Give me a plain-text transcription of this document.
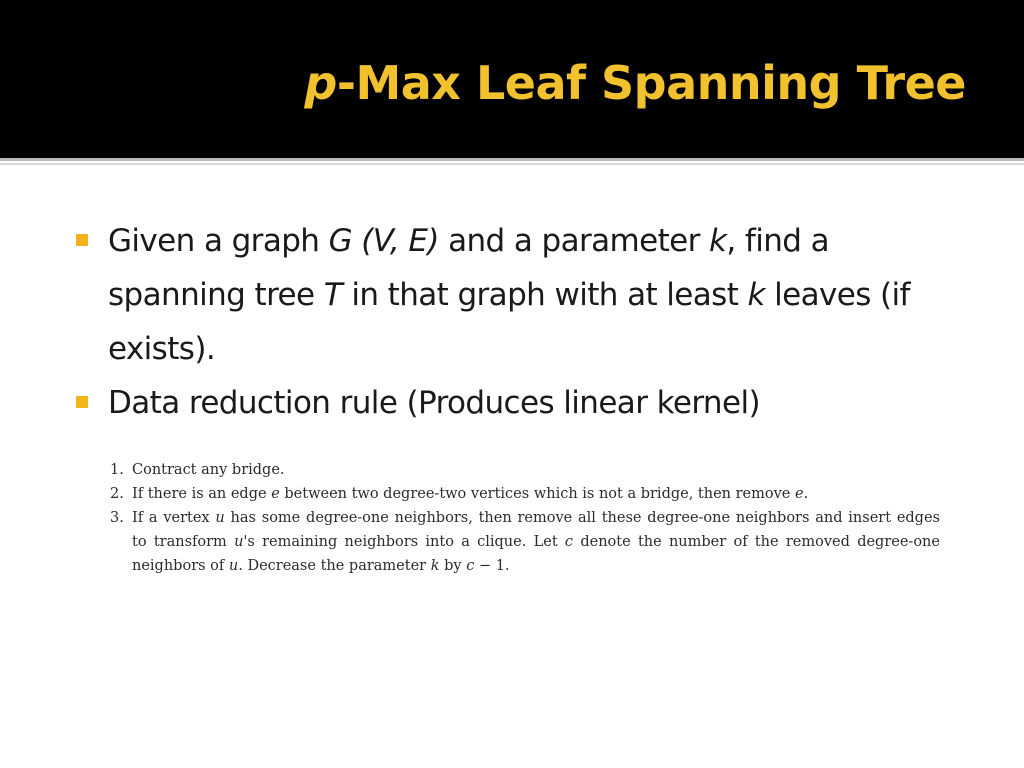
p-Max Leaf Spanning Tree
Given a graph G (V, E) and a parameter k, find a spanning tree T in that graph with at least k leaves (if exists).
Data reduction rule (Produces linear kernel)
1. Contract any bridge.
2. If there is an edge e between two degree-two vertices which is not a bridge, then remove e.
3. If a vertex u has some degree-one neighbors, then remove all these degree-one neighbors and insert edges to transform u's remaining neighbors into a clique. Let c denote the number of the removed degree-one neighbors of u. Decrease the parameter k by c − 1.
